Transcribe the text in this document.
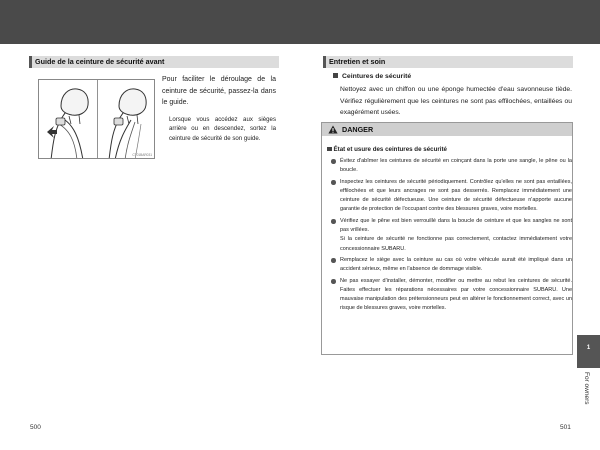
Guide de la ceinture de sécurité avant
CT01BAR031
Pour faciliter le déroulage de la ceinture de sécurité, passez-la dans le guide.
Lorsque vous accédez aux sièges arrière ou en descendez, sortez la ceinture de sécurité de son guide.
500
Entretien et soin
Ceintures de sécurité
Nettoyez avec un chiffon ou une éponge humectée d'eau savonneuse tiède. Vérifiez régulièrement que les ceintures ne sont pas effilochées, entaillées ou exagérément usées.
DANGER
État et usure des ceintures de sécurité
Évitez d'abîmer les ceintures de sécurité en coinçant dans la porte une sangle, le pêne ou la boucle.
Inspectez les ceintures de sécurité périodiquement. Contrôlez qu'elles ne sont pas entaillées, effilochées et que leurs ancrages ne sont pas desserrés. Remplacez immédiatement une ceinture de sécurité défectueuse. Une ceinture de sécurité défectueuse n'apporte aucune garantie de protection de l'occupant contre des blessures graves, voire mortelles.
Vérifiez que le pêne est bien verrouillé dans la boucle de ceinture et que les sangles ne sont pas vrillées.
Si la ceinture de sécurité ne fonctionne pas correctement, contactez immédiatement votre concessionnaire SUBARU.
Remplacez le siège avec la ceinture au cas où votre véhicule aurait été impliqué dans un accident sérieux, même en l'absence de dommage visible.
Ne pas essayer d'installer, démonter, modifier ou mettre au rebut les ceintures de sécurité. Faites effectuer les réparations nécessaires par votre concessionnaire SUBARU. Une mauvaise manipulation des prétensionneurs peut en altérer le fonctionnement correct, avec un risque de blessures graves, voire mortelles.
1
For owners
501
